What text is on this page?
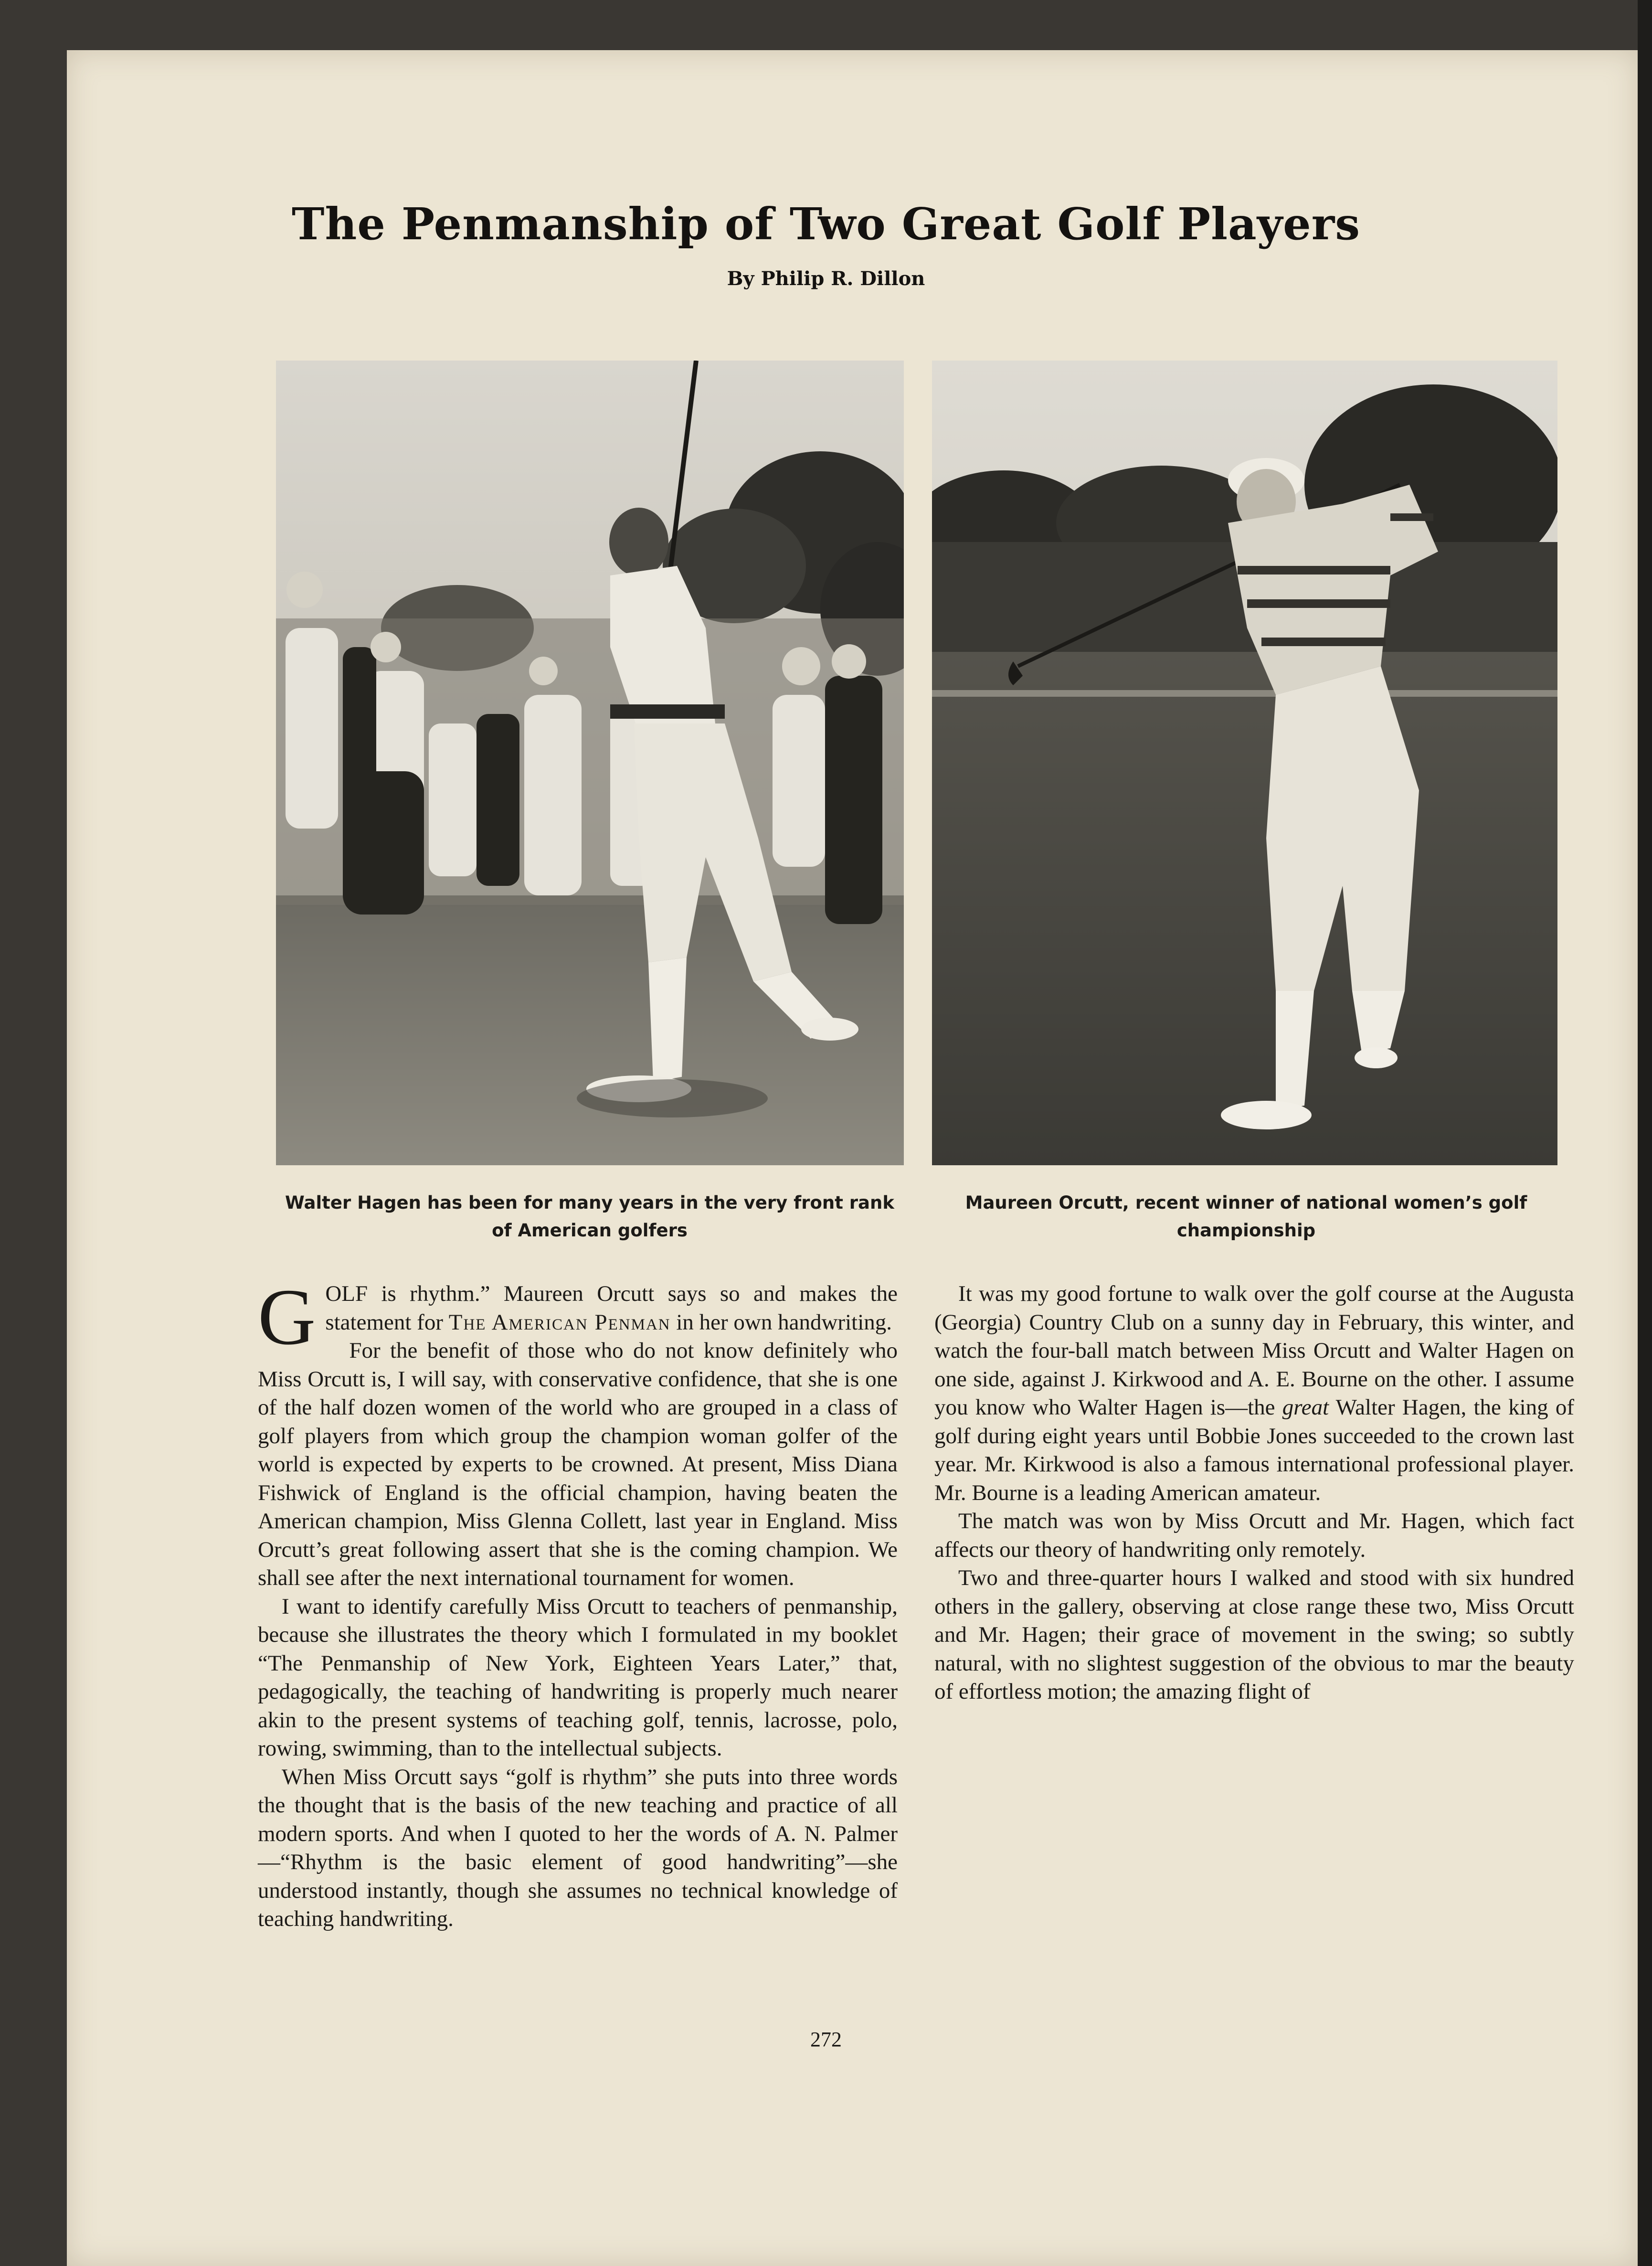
The Penmanship of Two Great Golf Players
By Philip R. Dillon
Walter Hagen has been for many years in the very front rank of American golfers
Maureen Orcutt, recent winner of national women’s golf championship

GOLF is rhythm.” Maureen Orcutt says so and makes the statement for The American Penman in her own handwriting.

For the benefit of those who do not know definitely who Miss Orcutt is, I will say, with conservative confidence, that she is one of the half dozen women of the world who are grouped in a class of golf players from which group the champion woman golfer of the world is expected by experts to be crowned. At present, Miss Diana Fishwick of England is the official champion, having beaten the American champion, Miss Glenna Collett, last year in England. Miss Orcutt’s great following assert that she is the coming champion. We shall see after the next international tournament for women.

I want to identify carefully Miss Orcutt to teachers of penmanship, because she illustrates the theory which I formulated in my booklet “The Penmanship of New York, Eighteen Years Later,” that, pedagogically, the teaching of handwriting is properly much nearer akin to the present systems of teaching golf, tennis, lacrosse, polo, rowing, swimming, than to the intellectual subjects.

When Miss Orcutt says “golf is rhythm” she puts into three words the thought that is the basis of the new teaching and practice of all modern sports. And when I quoted to her the words of A. N. Palmer—“Rhythm is the basic element of good handwriting”—she understood instantly, though she assumes no technical knowledge of teaching handwriting.

It was my good fortune to walk over the golf course at the Augusta (Georgia) Country Club on a sunny day in February, this winter, and watch the four-ball match between Miss Orcutt and Walter Hagen on one side, against J. Kirkwood and A. E. Bourne on the other. I assume you know who Walter Hagen is—the great Walter Hagen, the king of golf during eight years until Bobbie Jones succeeded to the crown last year. Mr. Kirkwood is also a famous international professional player. Mr. Bourne is a leading American amateur.

The match was won by Miss Orcutt and Mr. Hagen, which fact affects our theory of handwriting only remotely.

Two and three-quarter hours I walked and stood with six hundred others in the gallery, observing at close range these two, Miss Orcutt and Mr. Hagen; their grace of movement in the swing; so subtly natural, with no slightest suggestion of the obvious to mar the beauty of effortless motion; the amazing flight of

272
